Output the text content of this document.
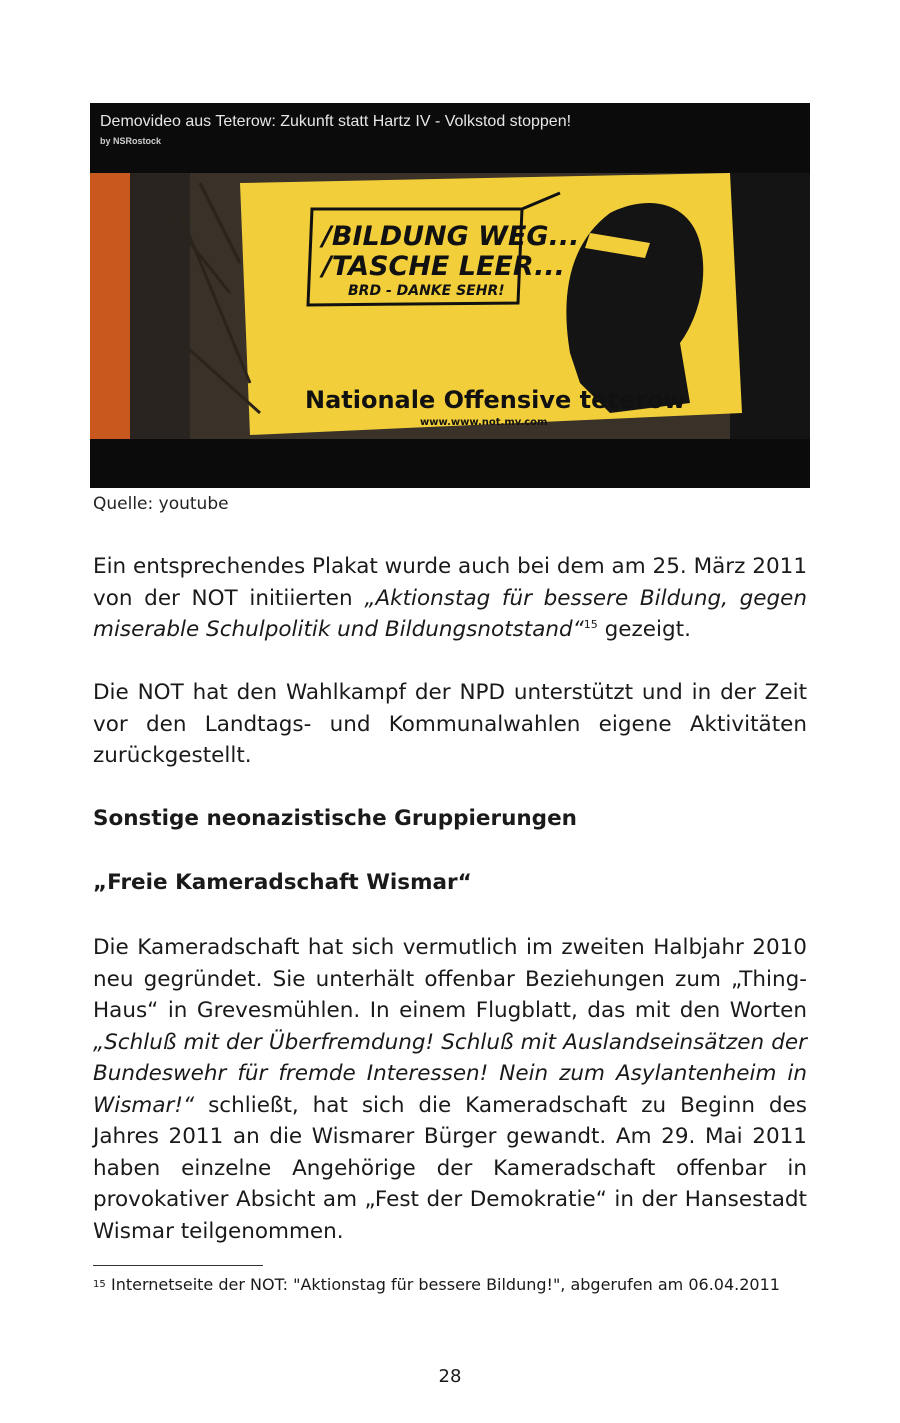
Demovideo aus Teterow: Zukunft statt Hartz IV - Volkstod stoppen!
by NSRostock
/BILDUNG WEG...
/TASCHE LEER...
BRD - DANKE SEHR!
Nationale Offensive teterow
www.www.not.mv.com
Quelle: youtube
Ein entsprechendes Plakat wurde auch bei dem am 25. März 2011 von der NOT initiierten „Aktionstag für bessere Bildung, gegen miserable Schulpolitik und Bildungsnotstand“$^{15}$ gezeigt.
Die NOT hat den Wahlkampf der NPD unterstützt und in der Zeit vor den Landtags- und Kommunalwahlen eigene Aktivitäten zurückgestellt.
Sonstige neonazistische Gruppierungen
„Freie Kameradschaft Wismar“
Die Kameradschaft hat sich vermutlich im zweiten Halbjahr 2010 neu gegründet. Sie unterhält offenbar Beziehungen zum „Thing-Haus“ in Grevesmühlen. In einem Flugblatt, das mit den Worten „Schluß mit der Überfremdung! Schluß mit Auslandseinsätzen der Bundeswehr für fremde Interessen! Nein zum Asylantenheim in Wismar!“ schließt, hat sich die Kameradschaft zu Beginn des Jahres 2011 an die Wismarer Bürger gewandt. Am 29. Mai 2011 haben einzelne Angehörige der Kameradschaft offenbar in provokativer Absicht am „Fest der Demokratie“ in der Hansestadt Wismar teilgenommen.
15 Internetseite der NOT: "Aktionstag für bessere Bildung!", abgerufen am 06.04.2011
28
